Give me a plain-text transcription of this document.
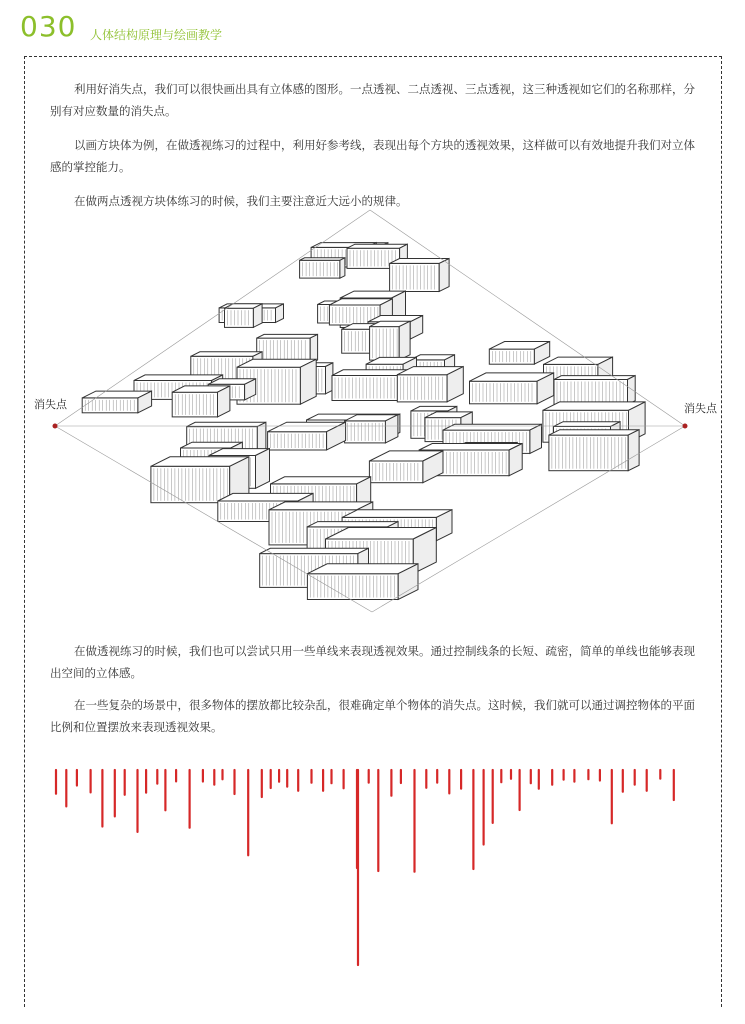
030 人体结构原理与绘画教学

利用好消失点，我们可以很快画出具有立体感的图形。一点透视、二点透视、三点透视，这三种透视如它们的名称那样，分别有对应数量的消失点。

以画方块体为例，在做透视练习的过程中，利用好参考线，表现出每个方块的透视效果，这样做可以有效地提升我们对立体感的掌控能力。

在做两点透视方块体练习的时候，我们主要注意近大远小的规律。

消失点	消失点

在做透视练习的时候，我们也可以尝试只用一些单线来表现透视效果。通过控制线条的长短、疏密，简单的单线也能够表现出空间的立体感。

在一些复杂的场景中，很多物体的摆放都比较杂乱，很难确定单个物体的消失点。这时候，我们就可以通过调控物体的平面比例和位置摆放来表现透视效果。
